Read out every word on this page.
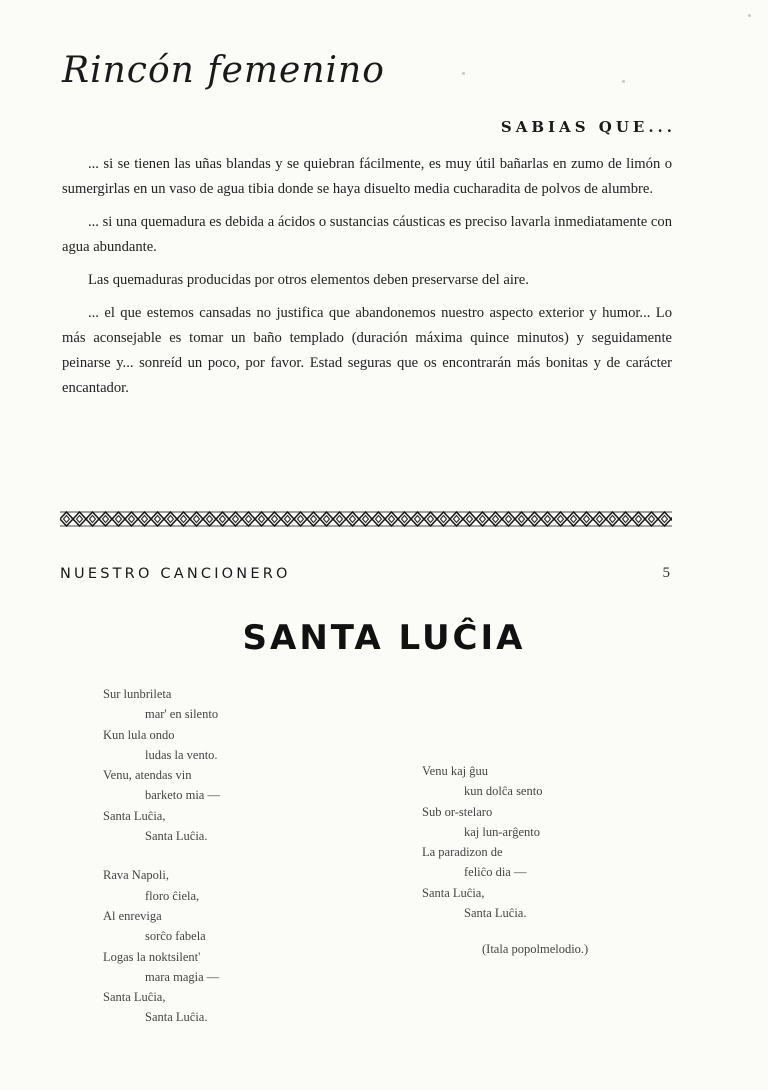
Rincón femenino
SABIAS QUE...

... si se tienen las uñas blandas y se quiebran fácilmente, es muy útil bañarlas en zumo de limón o sumergirlas en un vaso de agua tibia donde se haya disuelto media cucharadita de polvos de alumbre.

... si una quemadura es debida a ácidos o sustancias cáusticas es preciso lavarla inmediatamente con agua abundante.

Las quemaduras producidas por otros elementos deben preservarse del aire.

... el que estemos cansadas no justifica que abandonemos nuestro aspecto exterior y humor... Lo más aconsejable es tomar un baño templado (duración máxima quince minutos) y seguidamente peinarse y... sonreíd un poco, por favor. Estad seguras que os encontrarán más bonitas y de carácter encantador.

NUESTRO CANCIONERO	5
SANTA LUĈIA
Sur lunbrileta
mar' en silento
Kun lula ondo
ludas la vento.
Venu, atendas vin
barketo mia —
Santa Luĉia,
Santa Luĉia.
Rava Napoli,
floro ĉiela,
Al enrevigа
sorĉo fabela
Logas la noktsilent'
mara magia —
Santa Luĉia,
Santa Luĉia.
Venu kaj ĝuu
kun dolĉa sento
Sub or-stelaro
kaj lun-arĝento
La paradizon de
feliĉo dia —
Santa Luĉia,
Santa Luĉia.
(Itala popolmelodio.)
